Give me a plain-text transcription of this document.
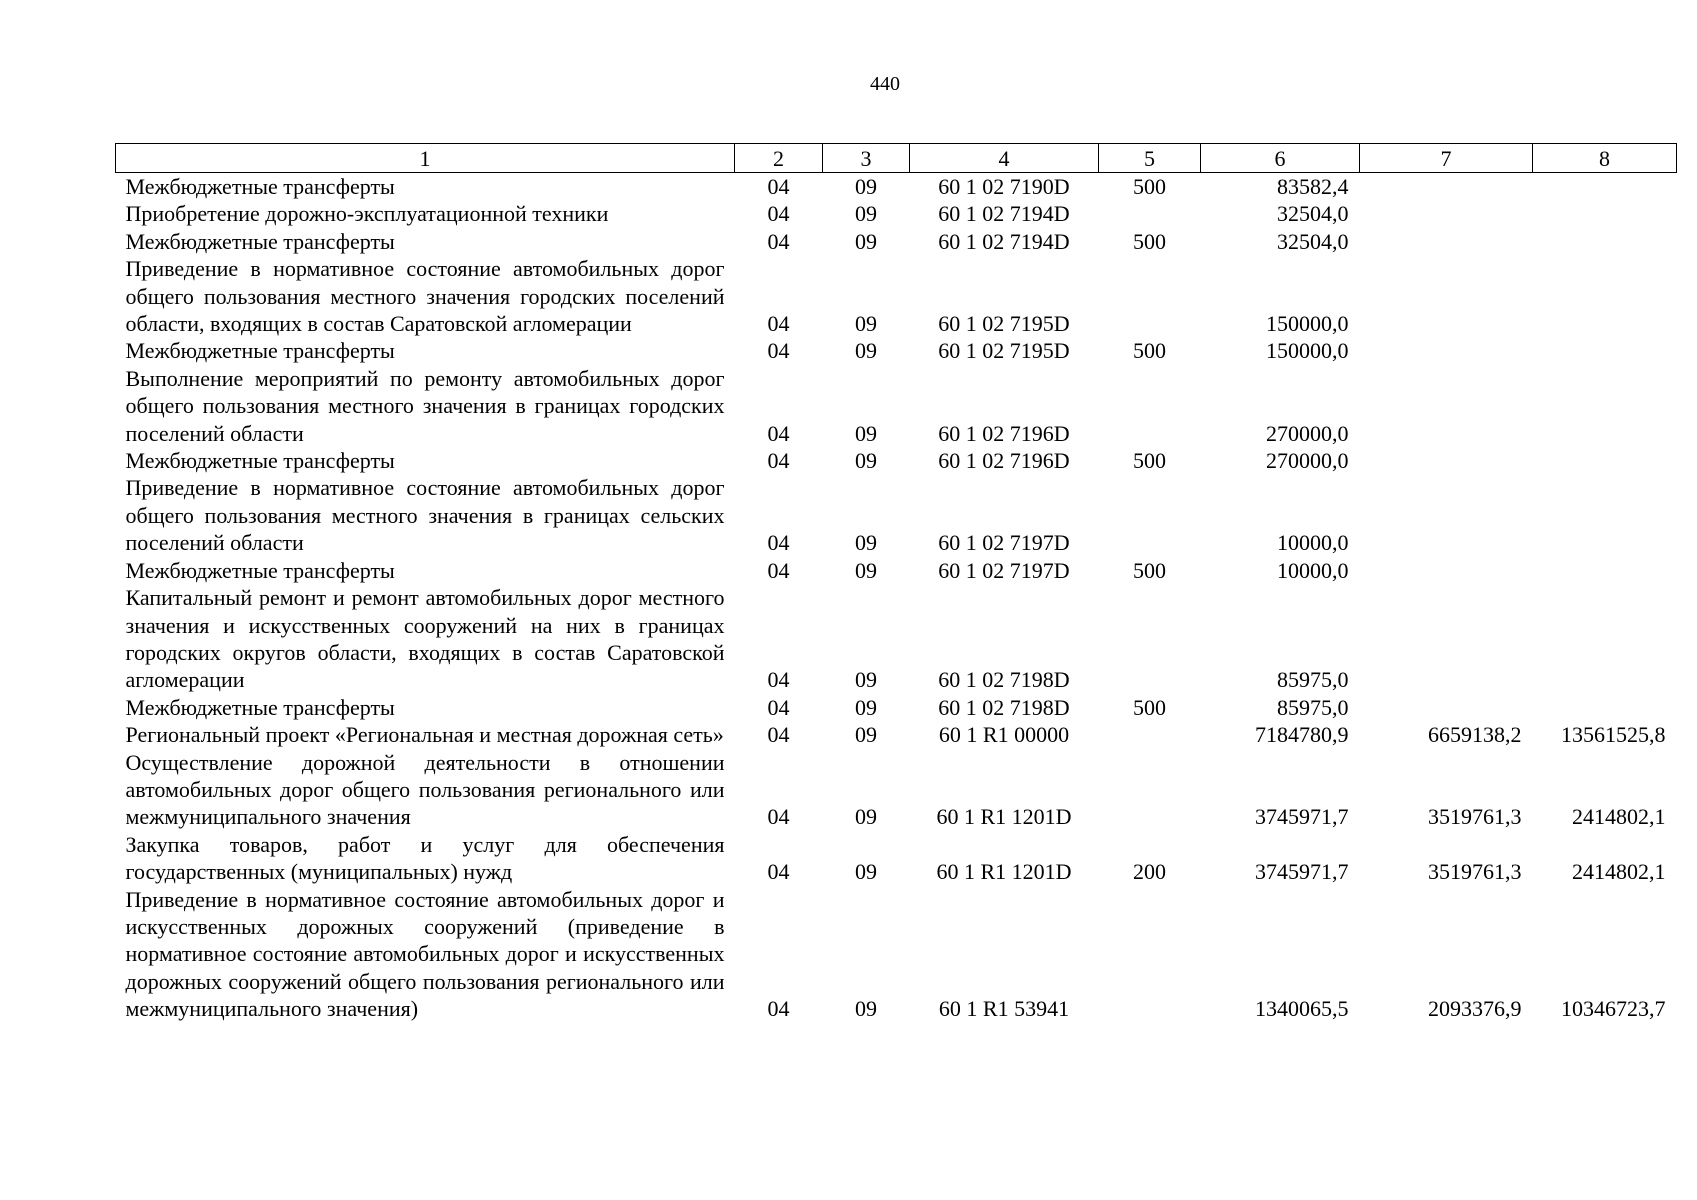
440
1	2	3	4	5	6	7	8
Межбюджетные трансферты	04	09	60 1 02 7190D	500	83582,4		
Приобретение дорожно-эксплуатационной техники	04	09	60 1 02 7194D		32504,0		
Межбюджетные трансферты	04	09	60 1 02 7194D	500	32504,0		
Приведение в нормативное состояние автомобильных дорог общего пользования местного значения городских поселений области, входящих в состав Саратовской агломерации	04	09	60 1 02 7195D		150000,0		
Межбюджетные трансферты	04	09	60 1 02 7195D	500	150000,0		
Выполнение мероприятий по ремонту автомобильных дорог общего пользования местного значения в границах городских поселений области	04	09	60 1 02 7196D		270000,0		
Межбюджетные трансферты	04	09	60 1 02 7196D	500	270000,0		
Приведение в нормативное состояние автомобильных дорог общего пользования местного значения в границах сельских поселений области	04	09	60 1 02 7197D		10000,0		
Межбюджетные трансферты	04	09	60 1 02 7197D	500	10000,0		
Капитальный ремонт и ремонт автомобильных дорог местного значения и искусственных сооружений на них в границах городских округов области, входящих в состав Саратовской агломерации	04	09	60 1 02 7198D		85975,0		
Межбюджетные трансферты	04	09	60 1 02 7198D	500	85975,0		
Региональный проект «Региональная и местная дорожная сеть»	04	09	60 1 R1 00000		7184780,9	6659138,2	13561525,8
Осуществление дорожной деятельности в отношении автомобильных дорог общего пользования регионального или межмуниципального значения	04	09	60 1 R1 1201D		3745971,7	3519761,3	2414802,1
Закупка товаров, работ и услуг для обеспечения государственных (муниципальных) нужд	04	09	60 1 R1 1201D	200	3745971,7	3519761,3	2414802,1
Приведение в нормативное состояние автомобильных дорог и искусственных дорожных сооружений (приведение в нормативное состояние автомобильных дорог и искусственных дорожных сооружений общего пользования регионального или межмуниципального значения)	04	09	60 1 R1 53941		1340065,5	2093376,9	10346723,7
